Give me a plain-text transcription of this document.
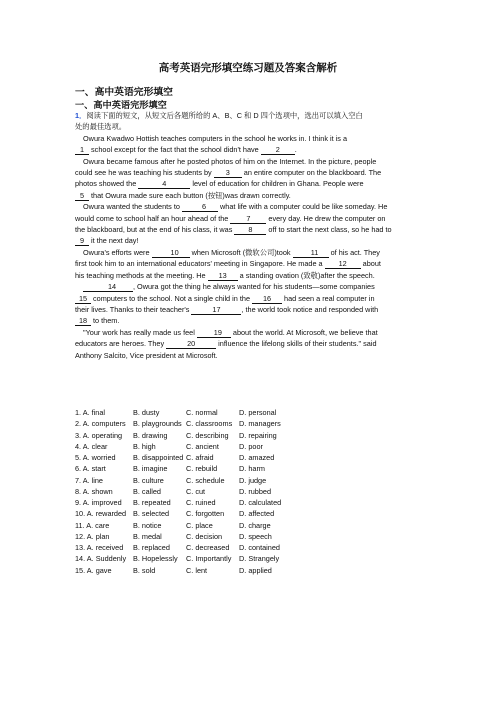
高考英语完形填空练习题及答案含解析
一、高中英语完形填空
一、高中英语完形填空

1．阅读下面的短文，从短文后各题所给的 A、B、C 和 D 四个选项中，选出可以填入空白

处的最佳选项。

Owura Kwadwo Hottish teaches computers in the school he works in. I think it is a

1 school except for the fact that the school didn't have 2 .

Owura became famous after he posted photos of him on the Internet. In the picture, people

could see he was teaching his students by 3 an entire computer on the blackboard. The

photos showed the	4	level of education for children in Ghana. People were

5 that Owura made sure each button (按钮)was drawn correctly.

Owura wanted the students to	6 what life with a computer could be like someday. He

would come to school half an hour ahead of the 7 every day. He drew the computer on

the blackboard, but at the end of his class, it was 8 off to start the next class, so he had to

9 it the next day!

Owura's efforts were	10 when Microsoft (微软公司)took 11 of his act. They

first took him to an international educators' meeting in Singapore. He made a 12 about

his teaching methods at the meeting. He 13 a standing ovation (致敬)after the speech.

14 , Owura got the thing he always wanted for his students—some companies

15 computers to the school. Not a single child in the 16 had seen a real computer in

their lives. Thanks to their teacher's	17	, the world took notice and responded with

18 to them.

"Your work has really made us feel 19 about the world. At Microsoft, we believe that

educators are heroes. They	20	influence the lifelong skills of their students." said

Anthony Salcito, Vice president at Microsoft.

1. A. final	B. dusty	C. normal	D. personal
2. A. computers B. playgrounds C. classrooms D. managers
3. A. operating	B. drawing	C. describing	D. repairing
4. A. clear	B. high	C. ancient	D. poor
5. A. worried	B. disappointed C. afraid	D. amazed
6. A. start	B. imagine	C. rebuild	D. harm
7. A. line	B. culture	C. schedule	D. judge
8. A. shown	B. called	C. cut	D. rubbed
9. A. improved	B. repeated	C. ruined	D. calculated
10. A. rewarded B. selected	C. forgotten	D. affected
11. A. care	B. notice	C. place	D. charge
12. A. plan	B. medal	C. decision	D. speech
13. A. received	B. replaced	C. decreased	D. contained
14. A. Suddenly B. Hopelessly	C. Importantly	D. Strangely
15. A. gave	B. sold	C. lent	D. applied
